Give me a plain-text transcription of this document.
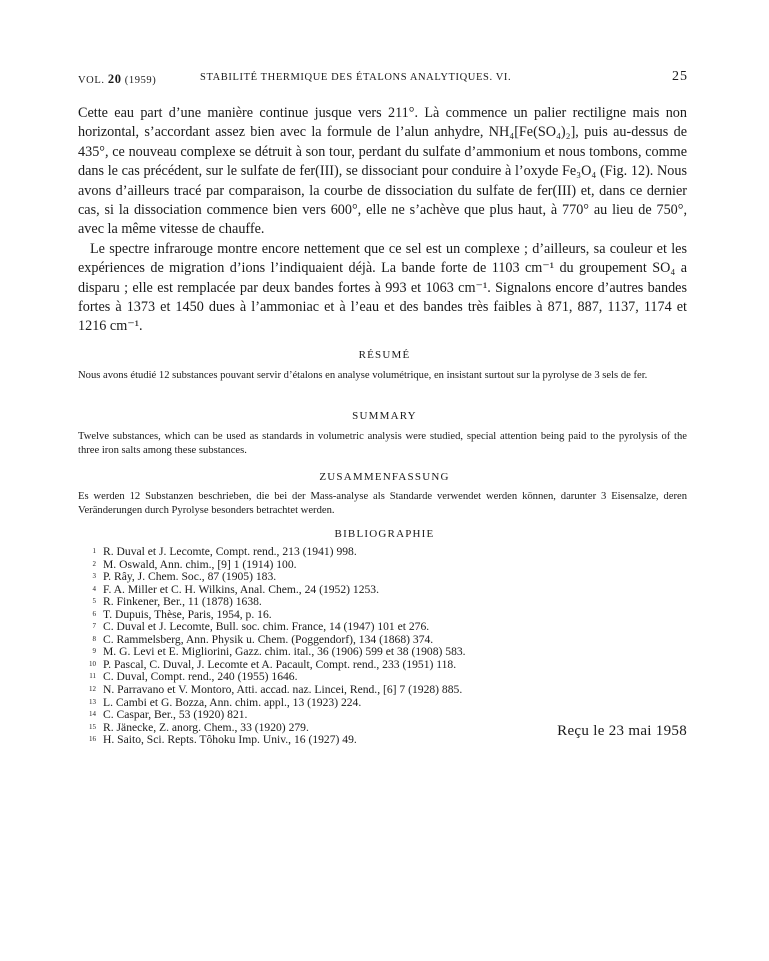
VOL. 20 (1959)	STABILITÉ THERMIQUE DES ÉTALONS ANALYTIQUES. VI.	25

Cette eau part d’une manière continue jusque vers 211°. Là commence un palier rectiligne mais non horizontal, s’accordant assez bien avec la formule de l’alun anhydre, NH₄[Fe(SO₄)₂], puis au-dessus de 435°, ce nouveau complexe se détruit à son tour, perdant du sulfate d’ammonium et nous tombons, comme dans le cas précédent, sur le sulfate de fer(III), se dissociant pour conduire à l’oxyde Fe₃O₄ (Fig. 12). Nous avons d’ailleurs tracé par comparaison, la courbe de dissociation du sulfate de fer(III) et, dans ce dernier cas, si la dissociation commence bien vers 600°, elle ne s’achève que plus haut, à 770° au lieu de 750°, avec la même vitesse de chauffe.

Le spectre infrarouge montre encore nettement que ce sel est un complexe ; d’ailleurs, sa couleur et les expériences de migration d’ions l’indiquaient déjà. La bande forte de 1103 cm⁻¹ du groupement SO₄ a disparu ; elle est remplacée par deux bandes fortes à 993 et 1063 cm⁻¹. Signalons encore d’autres bandes fortes à 1373 et 1450 dues à l’ammoniac et à l’eau et des bandes très faibles à 871, 887, 1137, 1174 et 1216 cm⁻¹.

RÉSUMÉ

Nous avons étudié 12 substances pouvant servir d’étalons en analyse volumétrique, en insistant surtout sur la pyrolyse de 3 sels de fer.

SUMMARY

Twelve substances, which can be used as standards in volumetric analysis were studied, special attention being paid to the pyrolysis of the three iron salts among these substances.

ZUSAMMENFASSUNG

Es werden 12 Substanzen beschrieben, die bei der Mass-analyse als Standarde verwendet werden können, darunter 3 Eisensalze, deren Veränderungen durch Pyrolyse besonders betrachtet werden.

BIBLIOGRAPHIE

1 R. Duval et J. Lecomte, Compt. rend., 213 (1941) 998.
2 M. Oswald, Ann. chim., [9] 1 (1914) 100.
3 P. Rây, J. Chem. Soc., 87 (1905) 183.
4 F. A. Miller et C. H. Wilkins, Anal. Chem., 24 (1952) 1253.
5 R. Finkener, Ber., 11 (1878) 1638.
6 T. Dupuis, Thèse, Paris, 1954, p. 16.
7 C. Duval et J. Lecomte, Bull. soc. chim. France, 14 (1947) 101 et 276.
8 C. Rammelsberg, Ann. Physik u. Chem. (Poggendorf), 134 (1868) 374.
9 M. G. Levi et E. Migliorini, Gazz. chim. ital., 36 (1906) 599 et 38 (1908) 583.
10 P. Pascal, C. Duval, J. Lecomte et A. Pacault, Compt. rend., 233 (1951) 118.
11 C. Duval, Compt. rend., 240 (1955) 1646.
12 N. Parravano et V. Montoro, Atti. accad. naz. Lincei, Rend., [6] 7 (1928) 885.
13 L. Cambi et G. Bozza, Ann. chim. appl., 13 (1923) 224.
14 C. Caspar, Ber., 53 (1920) 821.
15 R. Jänecke, Z. anorg. Chem., 33 (1920) 279.
16 H. Saito, Sci. Repts. Tôhoku Imp. Univ., 16 (1927) 49.

Reçu le 23 mai 1958
